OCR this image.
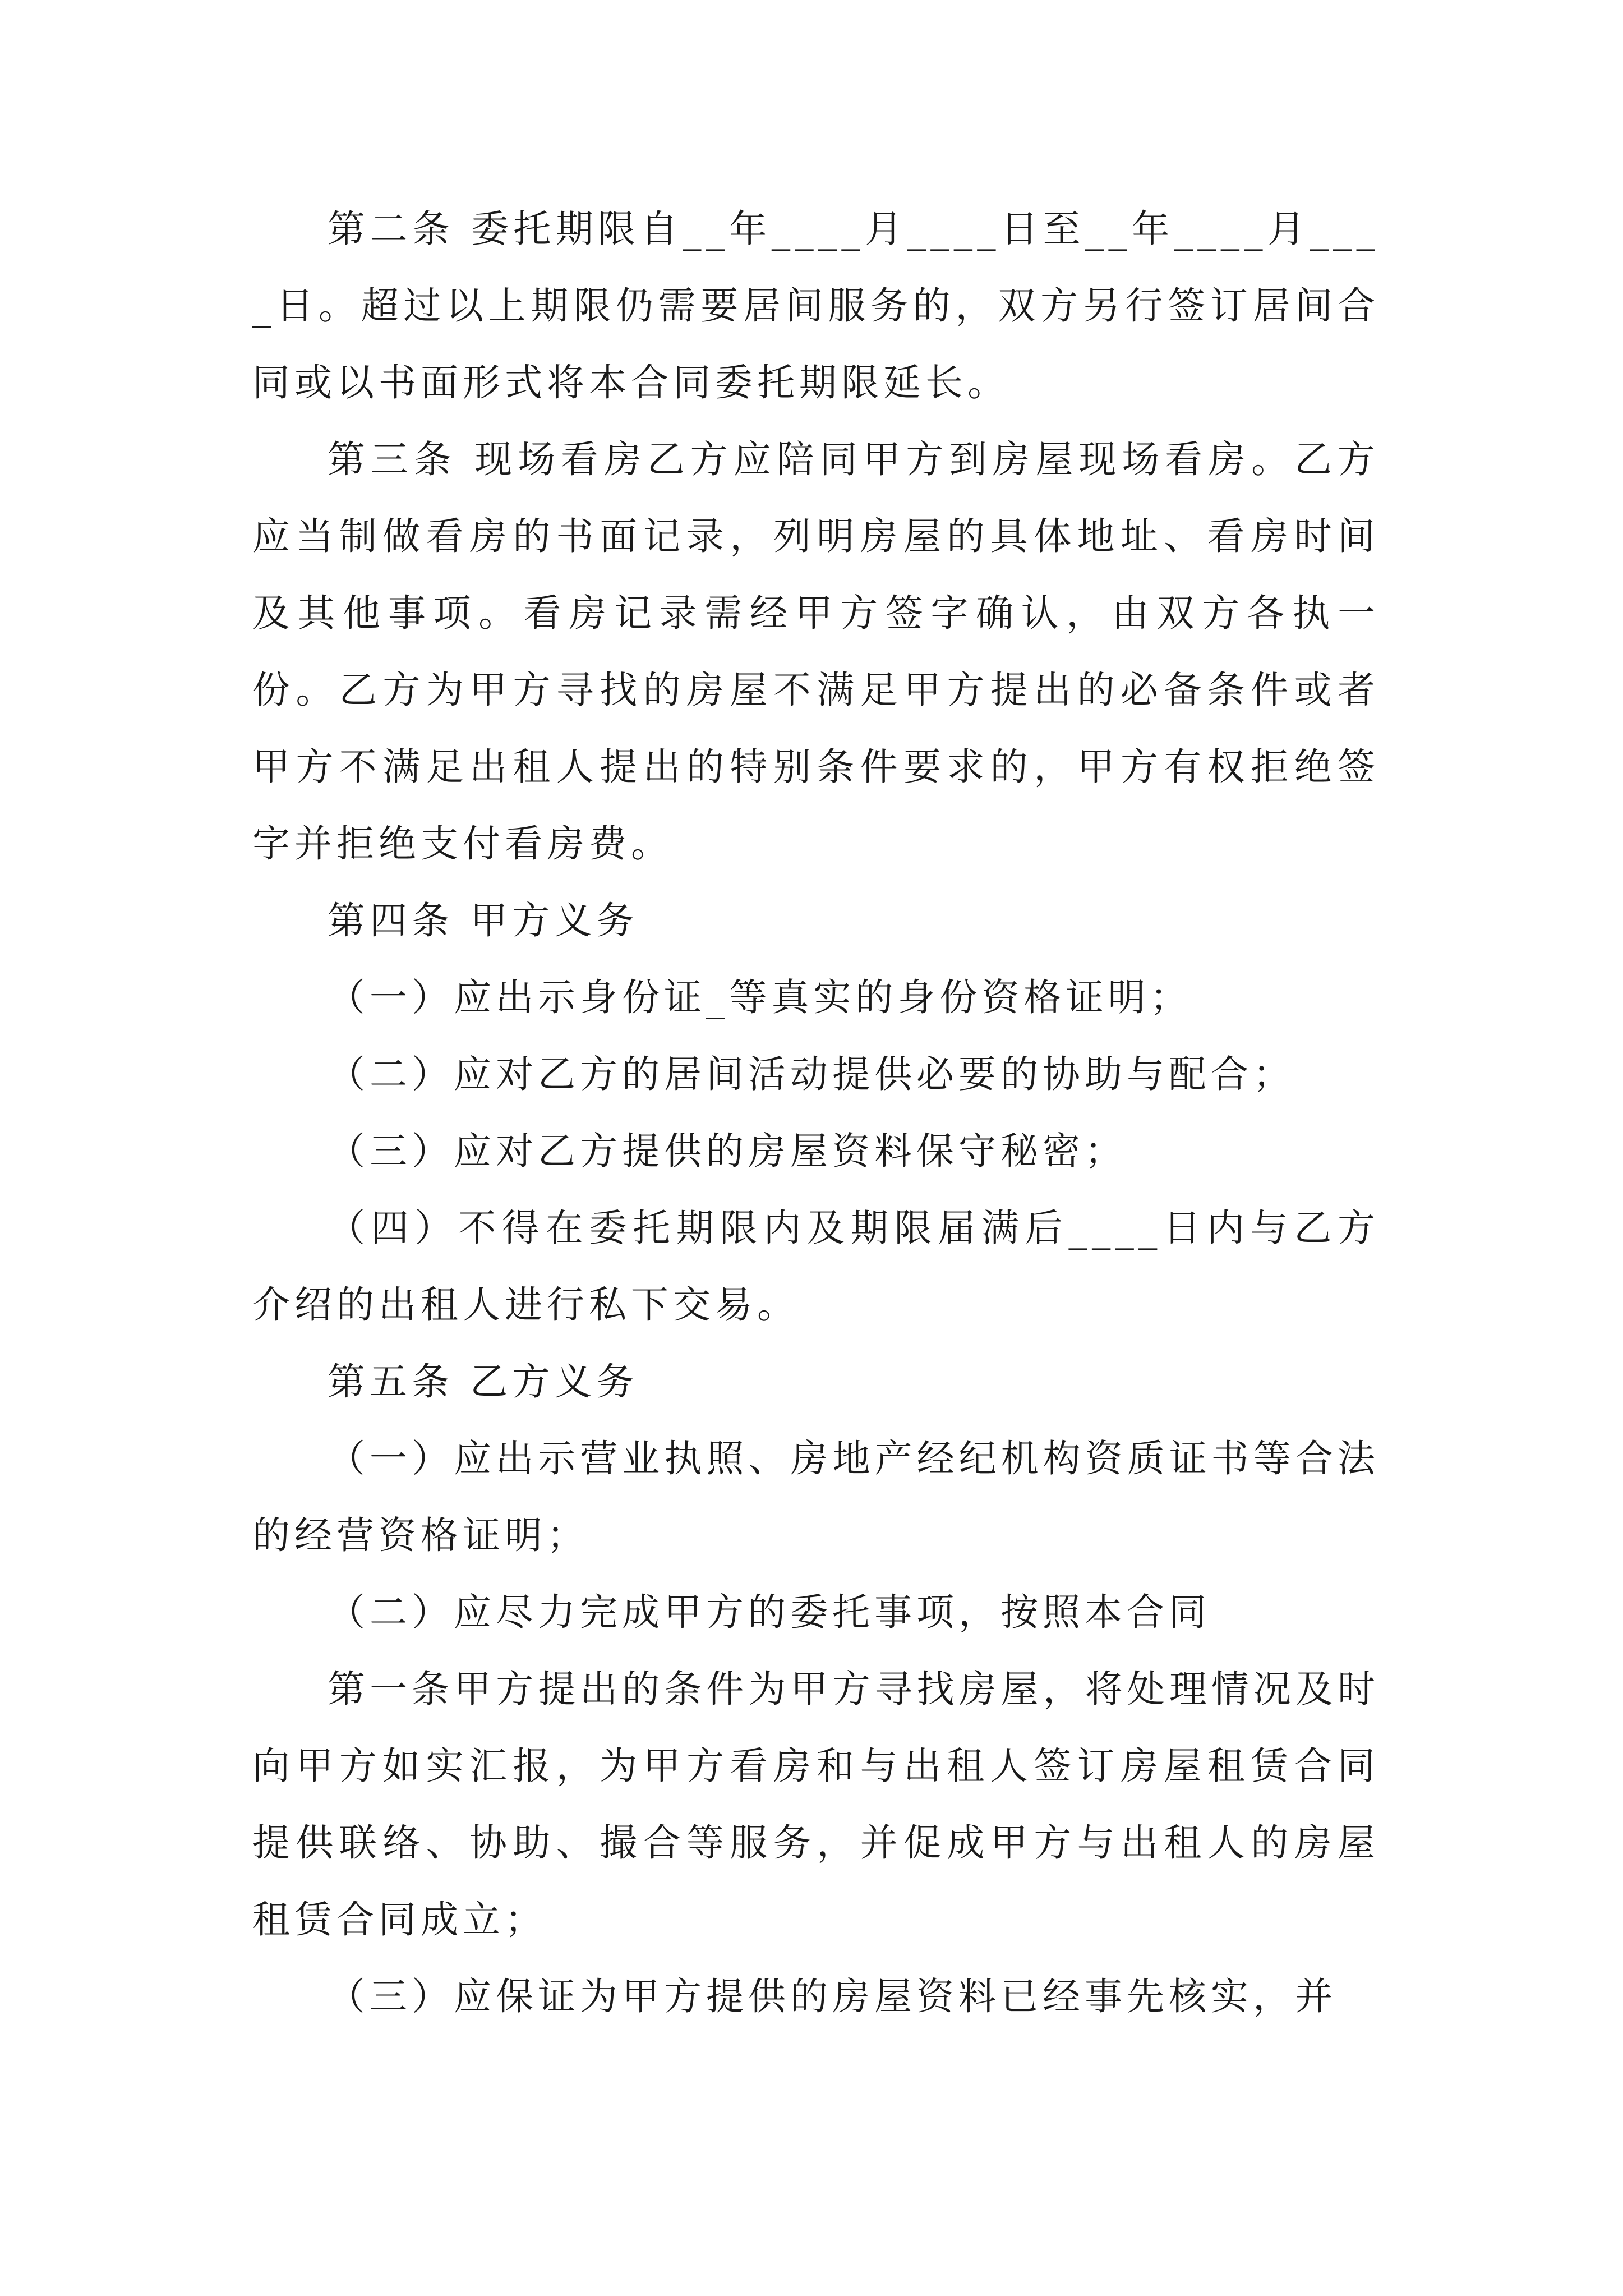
第二条 委托期限自__年____月____日至__年____月____日。超过以上期限仍需要居间服务的，双方另行签订居间合同或以书面形式将本合同委托期限延长。

第三条 现场看房乙方应陪同甲方到房屋现场看房。乙方应当制做看房的书面记录，列明房屋的具体地址、看房时间及其他事项。看房记录需经甲方签字确认，由双方各执一份。乙方为甲方寻找的房屋不满足甲方提出的必备条件或者甲方不满足出租人提出的特别条件要求的，甲方有权拒绝签字并拒绝支付看房费。

第四条 甲方义务

（一）应出示身份证_等真实的身份资格证明；

（二）应对乙方的居间活动提供必要的协助与配合；

（三）应对乙方提供的房屋资料保守秘密；

（四）不得在委托期限内及期限届满后____日内与乙方介绍的出租人进行私下交易。

第五条 乙方义务

（一）应出示营业执照、房地产经纪机构资质证书等合法的经营资格证明；

（二）应尽力完成甲方的委托事项，按照本合同

第一条甲方提出的条件为甲方寻找房屋，将处理情况及时向甲方如实汇报，为甲方看房和与出租人签订房屋租赁合同提供联络、协助、撮合等服务，并促成甲方与出租人的房屋租赁合同成立；

（三）应保证为甲方提供的房屋资料已经事先核实，并
